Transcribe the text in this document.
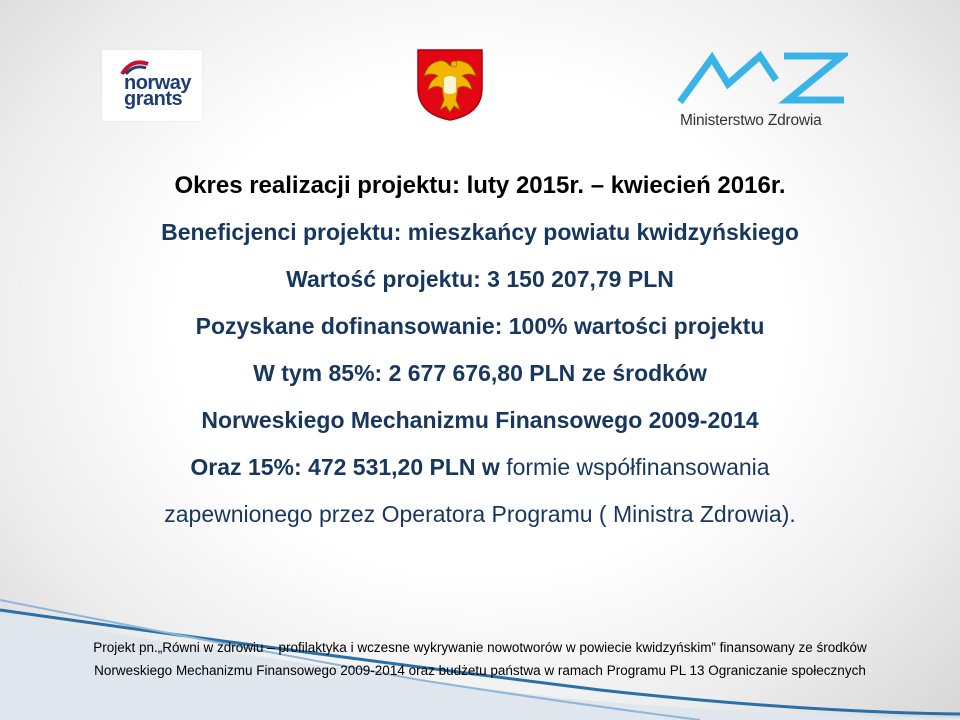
norway
grants
Ministerstwo Zdrowia
Okres realizacji projektu: luty 2015r. – kwiecień 2016r.
Beneficjenci projektu: mieszkańcy powiatu kwidzyńskiego
Wartość projektu: 3 150 207,79 PLN
Pozyskane dofinansowanie: 100% wartości projektu
W tym 85%: 2 677 676,80 PLN ze środków
Norweskiego Mechanizmu Finansowego 2009-2014
Oraz 15%: 472 531,20 PLN w formie współfinansowania
zapewnionego przez Operatora Programu ( Ministra Zdrowia).
Projekt pn.„Równi w zdrowiu – profilaktyka i wczesne wykrywanie nowotworów w powiecie kwidzyńskim” finansowany ze środków
Norweskiego Mechanizmu Finansowego 2009-2014 oraz budżetu państwa w ramach Programu PL 13 Ograniczanie społecznych
